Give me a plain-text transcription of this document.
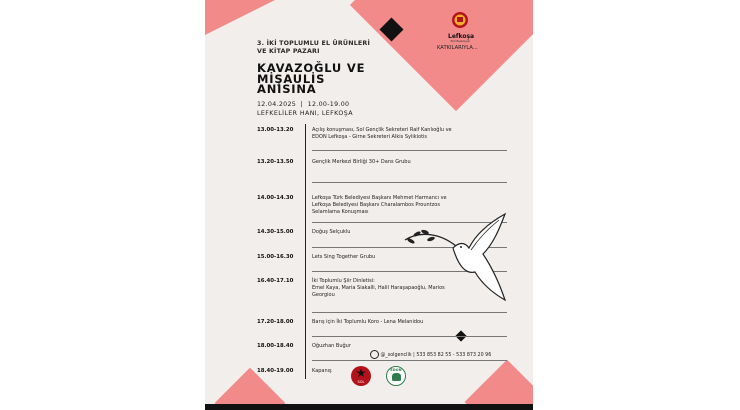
Lefkoşa
Türk Belediyesi
KATKILARIYLA...
3. İKİ TOPLUMLU EL ÜRÜNLERİ
VE KİTAP PAZARI
KAVAZOĞLU VE
MİŞAULİS
ANISINA
12.04.2025  |  12.00-19.00
LEFKELİLER HANI, LEFKOŞA
13.00-13.20	Açılış konuşması, Sol Gençlik Sekreteri Raif Kanlıoğlu ve
EDON Lefkoşa - Girne Sekreteri Alkis Sylikiotis
13.20-13.50	Gençlik Merkezi Birliği 30+ Dans Grubu
14.00-14.30	Lefkoşa Türk Belediyesi Başkanı Mehmet Harmancı ve
Lefkoşa Belediyesi Başkanı Charalambos Prountzos
Selamlama Konuşması
14.30-15.00	Doğuş Selçuklu
15.00-16.30	Lets Sing Together Grubu
16.40-17.10	İki Toplumlu Şiir Dinletisi:
Emel Kaya, Maria Siakalli, Halil Haraşapaoğlu, Marios
Georgiou
17.20-18.00	Barış için İki Toplumlu Koro - Lena Melanidou
18.00-18.40	Oğuzhan Buğur
18.40-19.00	Kapanış
@_solgenclik | 533 853 82 55 - 533 873 20 96
★
SOL
EDON
